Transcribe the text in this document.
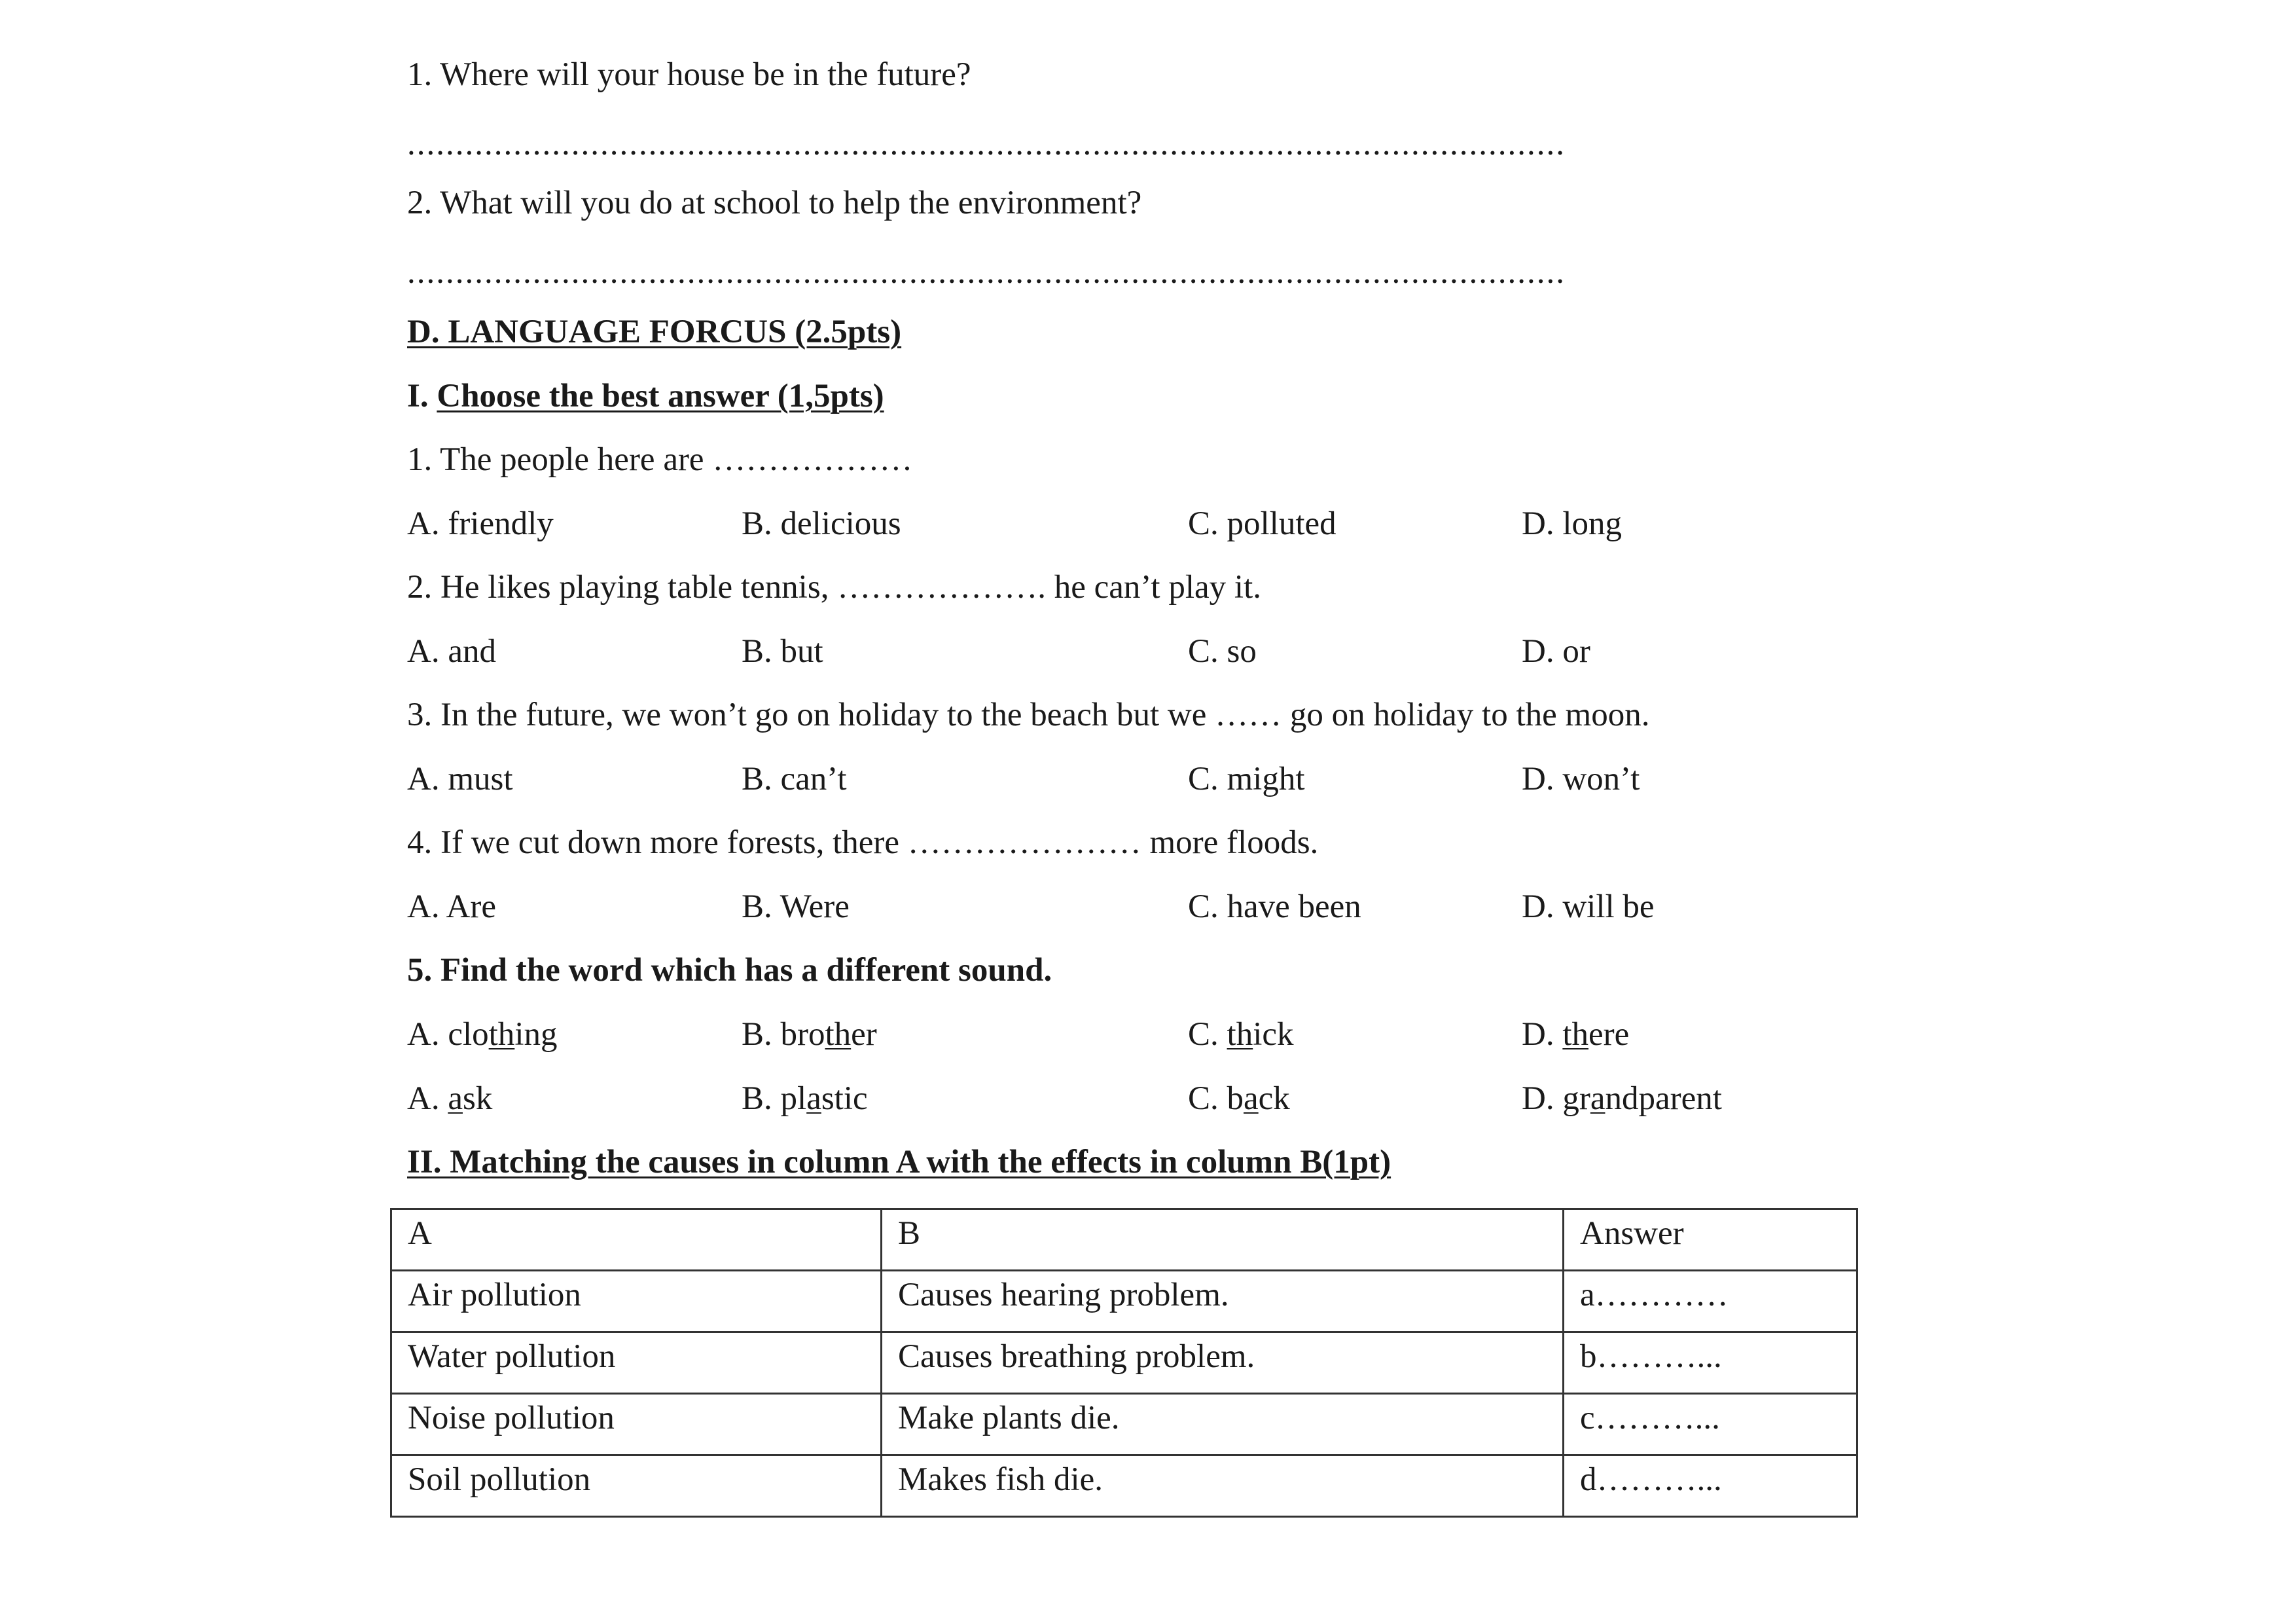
1. Where will your house be in the future?
........................................................................................................................
2. What will you do at school to help the environment?
........................................................................................................................
D. LANGUAGE FORCUS (2.5pts)
I. Choose the best answer (1,5pts)
1. The people here are ………………
A. friendly	B. delicious	C. polluted	D. long
2. He likes playing table tennis, ………………. he can’t play it.
A. and	B. but	C. so	D. or
3. In the future, we won’t go on holiday to the beach but we …… go on holiday to the moon.
A. must	B. can’t	C. might	D. won’t
4. If we cut down more forests, there ………………… more floods.
A. Are	B. Were	C. have been	D. will be
5. Find the word which has a different sound.
A. clothing	B. brother	C. thick	D. there
A. ask	B. plastic	C. back	D. grandparent
II. Matching the causes in column A with the effects in column B(1pt)
A	B	Answer
Air pollution	Causes hearing problem.	a…………
Water pollution	Causes breathing problem.	b………...
Noise pollution	Make plants die.	c………...
Soil pollution	Makes fish die.	d………...
